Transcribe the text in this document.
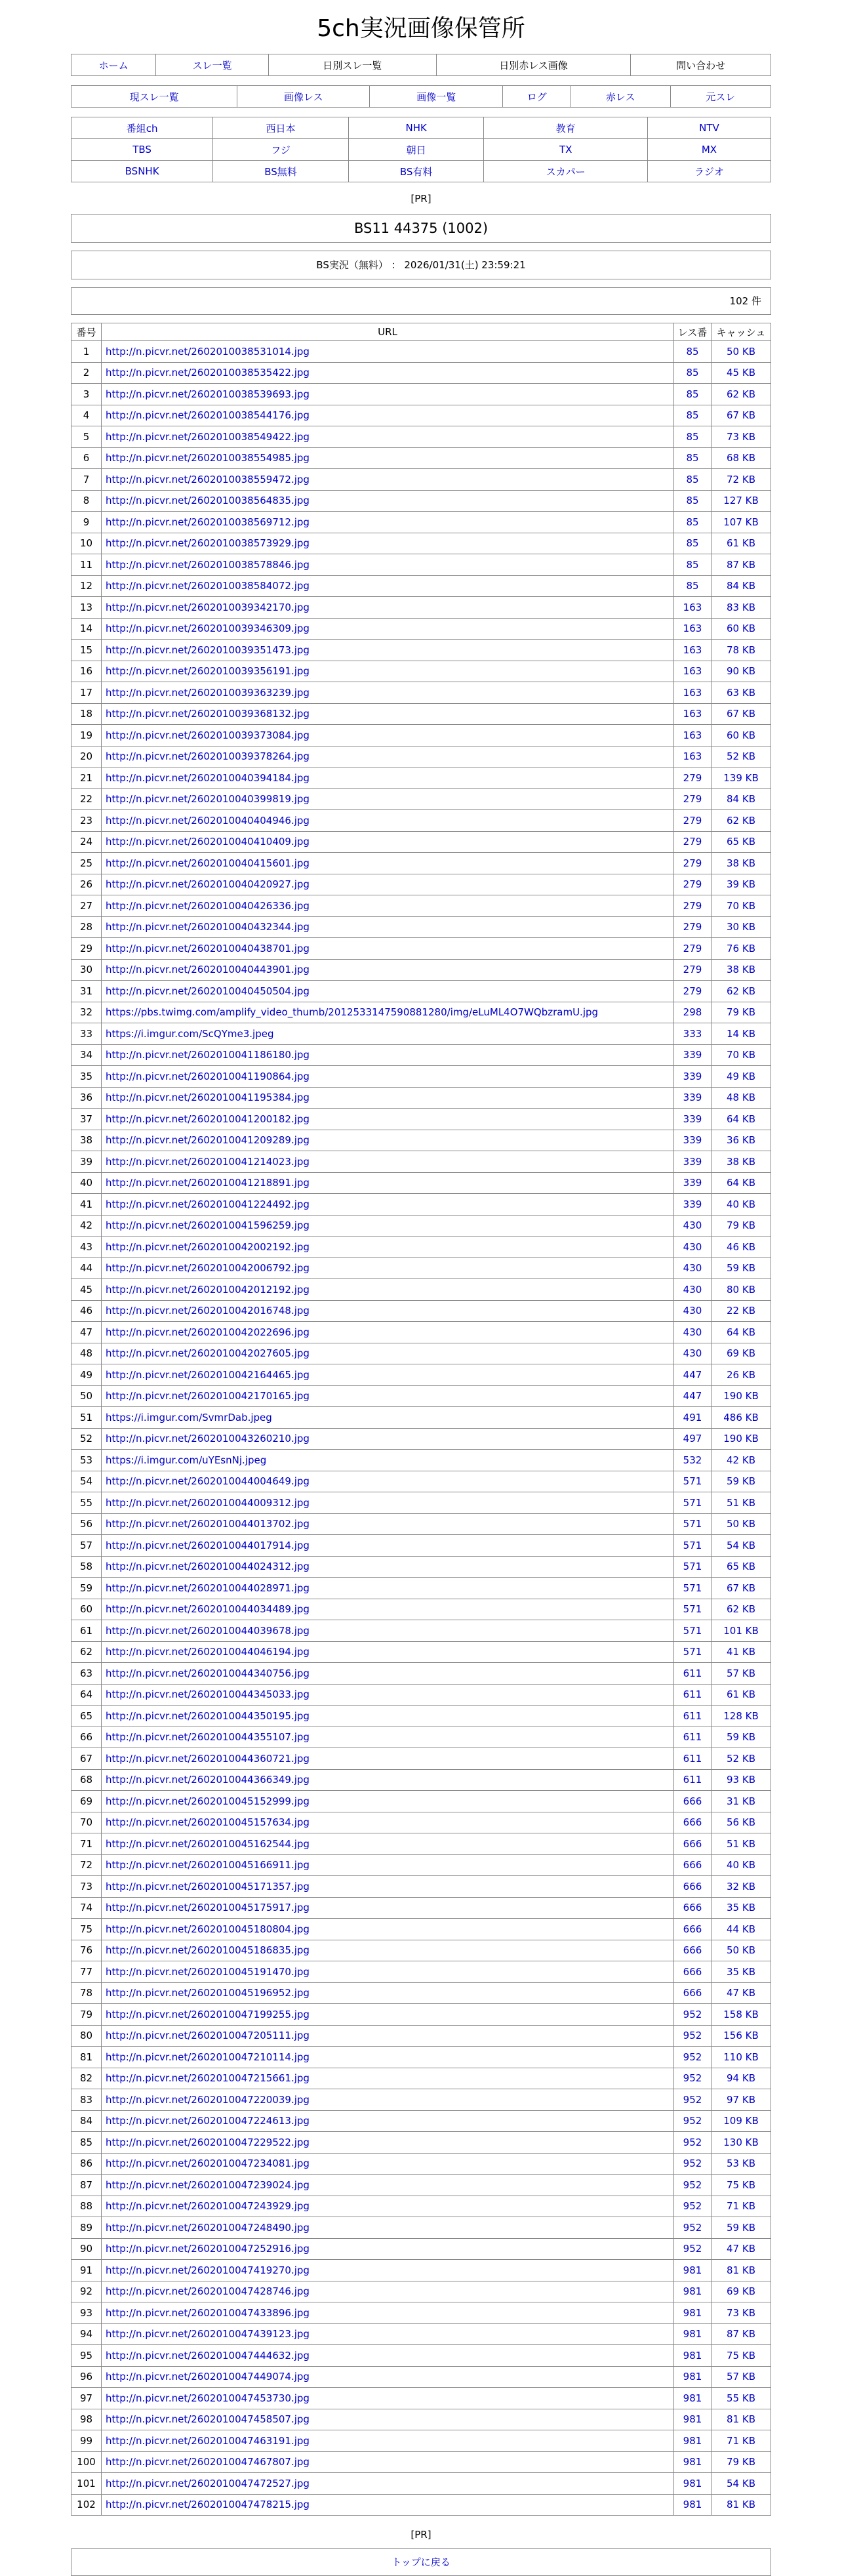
5ch実況画像保管所
ホーム	スレ一覧	日別スレ一覧	日別赤レス画像	問い合わせ
現スレ一覧	画像レス	画像一覧	ログ	赤レス	元スレ
番組ch	西日本	NHK	教育	NTV
TBS	フジ	朝日	TX	MX
BSNHK	BS無料	BS有料	スカパー	ラジオ
[PR]
BS11 44375 (1002)
BS実況（無料） ： 2026/01/31(土) 23:59:21
102 件
番号	URL	レス番	キャッシュ
1	http://n.picvr.net/2602010038531014.jpg	85	50 KB
2	http://n.picvr.net/2602010038535422.jpg	85	45 KB
3	http://n.picvr.net/2602010038539693.jpg	85	62 KB
4	http://n.picvr.net/2602010038544176.jpg	85	67 KB
5	http://n.picvr.net/2602010038549422.jpg	85	73 KB
6	http://n.picvr.net/2602010038554985.jpg	85	68 KB
7	http://n.picvr.net/2602010038559472.jpg	85	72 KB
8	http://n.picvr.net/2602010038564835.jpg	85	127 KB
9	http://n.picvr.net/2602010038569712.jpg	85	107 KB
10	http://n.picvr.net/2602010038573929.jpg	85	61 KB
11	http://n.picvr.net/2602010038578846.jpg	85	87 KB
12	http://n.picvr.net/2602010038584072.jpg	85	84 KB
13	http://n.picvr.net/2602010039342170.jpg	163	83 KB
14	http://n.picvr.net/2602010039346309.jpg	163	60 KB
15	http://n.picvr.net/2602010039351473.jpg	163	78 KB
16	http://n.picvr.net/2602010039356191.jpg	163	90 KB
17	http://n.picvr.net/2602010039363239.jpg	163	63 KB
18	http://n.picvr.net/2602010039368132.jpg	163	67 KB
19	http://n.picvr.net/2602010039373084.jpg	163	60 KB
20	http://n.picvr.net/2602010039378264.jpg	163	52 KB
21	http://n.picvr.net/2602010040394184.jpg	279	139 KB
22	http://n.picvr.net/2602010040399819.jpg	279	84 KB
23	http://n.picvr.net/2602010040404946.jpg	279	62 KB
24	http://n.picvr.net/2602010040410409.jpg	279	65 KB
25	http://n.picvr.net/2602010040415601.jpg	279	38 KB
26	http://n.picvr.net/2602010040420927.jpg	279	39 KB
27	http://n.picvr.net/2602010040426336.jpg	279	70 KB
28	http://n.picvr.net/2602010040432344.jpg	279	30 KB
29	http://n.picvr.net/2602010040438701.jpg	279	76 KB
30	http://n.picvr.net/2602010040443901.jpg	279	38 KB
31	http://n.picvr.net/2602010040450504.jpg	279	62 KB
32	https://pbs.twimg.com/amplify_video_thumb/2012533147590881280/img/eLuML4O7WQbzramU.jpg	298	79 KB
33	https://i.imgur.com/ScQYme3.jpeg	333	14 KB
34	http://n.picvr.net/2602010041186180.jpg	339	70 KB
35	http://n.picvr.net/2602010041190864.jpg	339	49 KB
36	http://n.picvr.net/2602010041195384.jpg	339	48 KB
37	http://n.picvr.net/2602010041200182.jpg	339	64 KB
38	http://n.picvr.net/2602010041209289.jpg	339	36 KB
39	http://n.picvr.net/2602010041214023.jpg	339	38 KB
40	http://n.picvr.net/2602010041218891.jpg	339	64 KB
41	http://n.picvr.net/2602010041224492.jpg	339	40 KB
42	http://n.picvr.net/2602010041596259.jpg	430	79 KB
43	http://n.picvr.net/2602010042002192.jpg	430	46 KB
44	http://n.picvr.net/2602010042006792.jpg	430	59 KB
45	http://n.picvr.net/2602010042012192.jpg	430	80 KB
46	http://n.picvr.net/2602010042016748.jpg	430	22 KB
47	http://n.picvr.net/2602010042022696.jpg	430	64 KB
48	http://n.picvr.net/2602010042027605.jpg	430	69 KB
49	http://n.picvr.net/2602010042164465.jpg	447	26 KB
50	http://n.picvr.net/2602010042170165.jpg	447	190 KB
51	https://i.imgur.com/SvmrDab.jpeg	491	486 KB
52	http://n.picvr.net/2602010043260210.jpg	497	190 KB
53	https://i.imgur.com/uYEsnNj.jpeg	532	42 KB
54	http://n.picvr.net/2602010044004649.jpg	571	59 KB
55	http://n.picvr.net/2602010044009312.jpg	571	51 KB
56	http://n.picvr.net/2602010044013702.jpg	571	50 KB
57	http://n.picvr.net/2602010044017914.jpg	571	54 KB
58	http://n.picvr.net/2602010044024312.jpg	571	65 KB
59	http://n.picvr.net/2602010044028971.jpg	571	67 KB
60	http://n.picvr.net/2602010044034489.jpg	571	62 KB
61	http://n.picvr.net/2602010044039678.jpg	571	101 KB
62	http://n.picvr.net/2602010044046194.jpg	571	41 KB
63	http://n.picvr.net/2602010044340756.jpg	611	57 KB
64	http://n.picvr.net/2602010044345033.jpg	611	61 KB
65	http://n.picvr.net/2602010044350195.jpg	611	128 KB
66	http://n.picvr.net/2602010044355107.jpg	611	59 KB
67	http://n.picvr.net/2602010044360721.jpg	611	52 KB
68	http://n.picvr.net/2602010044366349.jpg	611	93 KB
69	http://n.picvr.net/2602010045152999.jpg	666	31 KB
70	http://n.picvr.net/2602010045157634.jpg	666	56 KB
71	http://n.picvr.net/2602010045162544.jpg	666	51 KB
72	http://n.picvr.net/2602010045166911.jpg	666	40 KB
73	http://n.picvr.net/2602010045171357.jpg	666	32 KB
74	http://n.picvr.net/2602010045175917.jpg	666	35 KB
75	http://n.picvr.net/2602010045180804.jpg	666	44 KB
76	http://n.picvr.net/2602010045186835.jpg	666	50 KB
77	http://n.picvr.net/2602010045191470.jpg	666	35 KB
78	http://n.picvr.net/2602010045196952.jpg	666	47 KB
79	http://n.picvr.net/2602010047199255.jpg	952	158 KB
80	http://n.picvr.net/2602010047205111.jpg	952	156 KB
81	http://n.picvr.net/2602010047210114.jpg	952	110 KB
82	http://n.picvr.net/2602010047215661.jpg	952	94 KB
83	http://n.picvr.net/2602010047220039.jpg	952	97 KB
84	http://n.picvr.net/2602010047224613.jpg	952	109 KB
85	http://n.picvr.net/2602010047229522.jpg	952	130 KB
86	http://n.picvr.net/2602010047234081.jpg	952	53 KB
87	http://n.picvr.net/2602010047239024.jpg	952	75 KB
88	http://n.picvr.net/2602010047243929.jpg	952	71 KB
89	http://n.picvr.net/2602010047248490.jpg	952	59 KB
90	http://n.picvr.net/2602010047252916.jpg	952	47 KB
91	http://n.picvr.net/2602010047419270.jpg	981	81 KB
92	http://n.picvr.net/2602010047428746.jpg	981	69 KB
93	http://n.picvr.net/2602010047433896.jpg	981	73 KB
94	http://n.picvr.net/2602010047439123.jpg	981	87 KB
95	http://n.picvr.net/2602010047444632.jpg	981	75 KB
96	http://n.picvr.net/2602010047449074.jpg	981	57 KB
97	http://n.picvr.net/2602010047453730.jpg	981	55 KB
98	http://n.picvr.net/2602010047458507.jpg	981	81 KB
99	http://n.picvr.net/2602010047463191.jpg	981	71 KB
100	http://n.picvr.net/2602010047467807.jpg	981	79 KB
101	http://n.picvr.net/2602010047472527.jpg	981	54 KB
102	http://n.picvr.net/2602010047478215.jpg	981	81 KB
[PR]
トップに戻る
